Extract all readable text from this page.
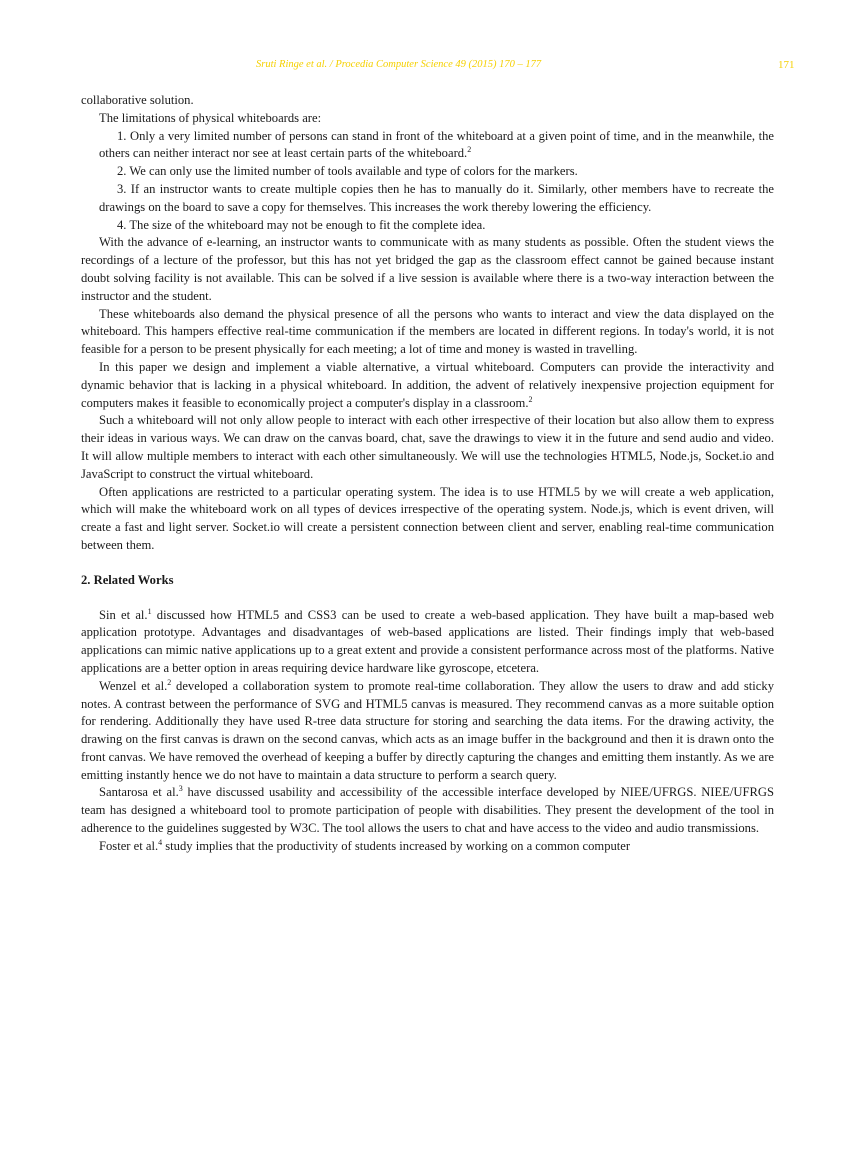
Sruti Ringe et al. / Procedia Computer Science 49 (2015) 170 – 177	171

collaborative solution.

The limitations of physical whiteboards are:

1. Only a very limited number of persons can stand in front of the whiteboard at a given point of time, and in the meanwhile, the others can neither interact nor see at least certain parts of the whiteboard.$^2$

2. We can only use the limited number of tools available and type of colors for the markers.

3. If an instructor wants to create multiple copies then he has to manually do it. Similarly, other members have to recreate the drawings on the board to save a copy for themselves. This increases the work thereby lowering the efficiency.

4. The size of the whiteboard may not be enough to fit the complete idea.

With the advance of e-learning, an instructor wants to communicate with as many students as possible. Often the student views the recordings of a lecture of the professor, but this has not yet bridged the gap as the classroom effect cannot be gained because instant doubt solving facility is not available. This can be solved if a live session is available where there is a two-way interaction between the instructor and the student.

These whiteboards also demand the physical presence of all the persons who wants to interact and view the data displayed on the whiteboard. This hampers effective real-time communication if the members are located in different regions. In today's world, it is not feasible for a person to be present physically for each meeting; a lot of time and money is wasted in travelling.

In this paper we design and implement a viable alternative, a virtual whiteboard. Computers can provide the interactivity and dynamic behavior that is lacking in a physical whiteboard. In addition, the advent of relatively inexpensive projection equipment for computers makes it feasible to economically project a computer's display in a classroom.$^2$

Such a whiteboard will not only allow people to interact with each other irrespective of their location but also allow them to express their ideas in various ways. We can draw on the canvas board, chat, save the drawings to view it in the future and send audio and video. It will allow multiple members to interact with each other simultaneously. We will use the technologies HTML5, Node.js, Socket.io and JavaScript to construct the virtual whiteboard.

Often applications are restricted to a particular operating system. The idea is to use HTML5 by we will create a web application, which will make the whiteboard work on all types of devices irrespective of the operating system. Node.js, which is event driven, will create a fast and light server. Socket.io will create a persistent connection between client and server, enabling real-time communication between them.

2. Related Works

Sin et al.$^1$ discussed how HTML5 and CSS3 can be used to create a web-based application. They have built a map-based web application prototype. Advantages and disadvantages of web-based applications are listed. Their findings imply that web-based applications can mimic native applications up to a great extent and provide a consistent performance across most of the platforms. Native applications are a better option in areas requiring device hardware like gyroscope, etcetera.

Wenzel et al.$^2$ developed a collaboration system to promote real-time collaboration. They allow the users to draw and add sticky notes. A contrast between the performance of SVG and HTML5 canvas is measured. They recommend canvas as a more suitable option for rendering. Additionally they have used R-tree data structure for storing and searching the data items. For the drawing activity, the drawing on the first canvas is drawn on the second canvas, which acts as an image buffer in the background and then it is drawn onto the front canvas. We have removed the overhead of keeping a buffer by directly capturing the changes and emitting them instantly. As we are emitting instantly hence we do not have to maintain a data structure to perform a search query.

Santarosa et al.$^3$ have discussed usability and accessibility of the accessible interface developed by NIEE/UFRGS. NIEE/UFRGS team has designed a whiteboard tool to promote participation of people with disabilities. They present the development of the tool in adherence to the guidelines suggested by W3C. The tool allows the users to chat and have access to the video and audio transmissions.

Foster et al.$^4$ study implies that the productivity of students increased by working on a common computer
